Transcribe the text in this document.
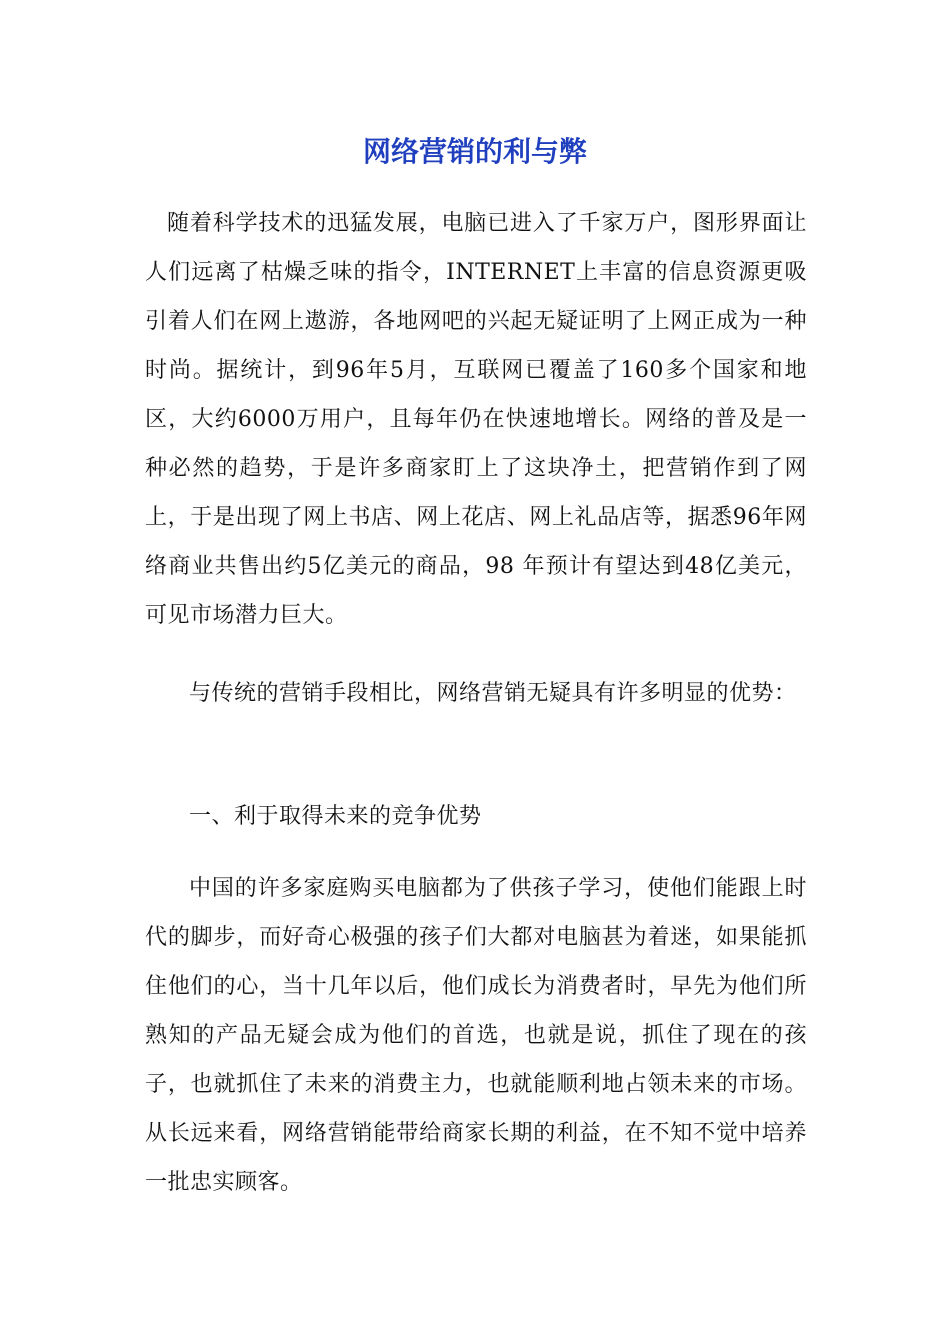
网络营销的利与弊
随着科学技术的迅猛发展，电脑已进入了千家万户，图形界面让人们远离了枯燥乏味的指令，INTERNET上丰富的信息资源更吸引着人们在网上遨游，各地网吧的兴起无疑证明了上网正成为一种时尚。据统计，到96年5月，互联网已覆盖了160多个国家和地区，大约6000万用户，且每年仍在快速地增长。网络的普及是一种必然的趋势，于是许多商家盯上了这块净土，把营销作到了网上，于是出现了网上书店、网上花店、网上礼品店等，据悉96年网络商业共售出约5亿美元的商品，98 年预计有望达到48亿美元，可见市场潜力巨大。
与传统的营销手段相比，网络营销无疑具有许多明显的优势：
一、利于取得未来的竞争优势
中国的许多家庭购买电脑都为了供孩子学习，使他们能跟上时代的脚步，而好奇心极强的孩子们大都对电脑甚为着迷，如果能抓住他们的心，当十几年以后，他们成长为消费者时，早先为他们所熟知的产品无疑会成为他们的首选，也就是说，抓住了现在的孩子，也就抓住了未来的消费主力，也就能顺利地占领未来的市场。从长远来看，网络营销能带给商家长期的利益，在不知不觉中培养一批忠实顾客。
